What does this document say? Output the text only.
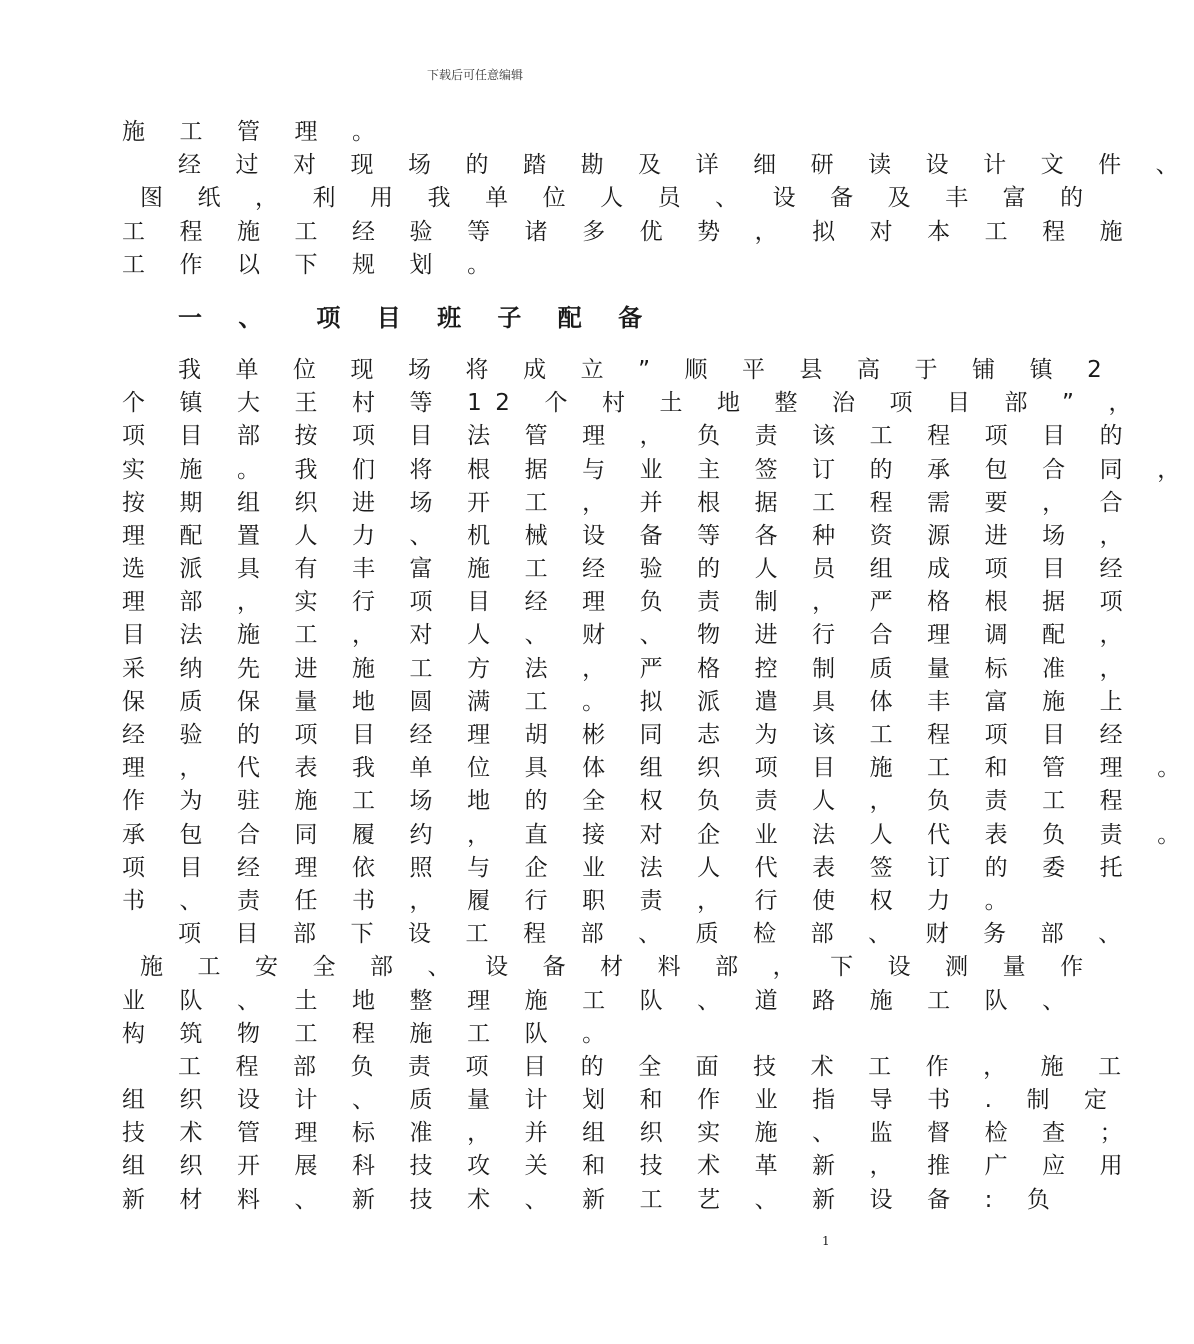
下载后可任意编辑
施 工 管 理 。
经 过 对 现 场 的 踏 勘 及 详 细 研 读 设 计 文 件 、
图 纸 ， 利 用 我 单 位 人 员 、 设 备 及 丰 富 的
工 程 施 工 经 验 等 诸 多 优 势 ， 拟 对 本 工 程 施
工 作 以 下 规 划 。
一 、 项 目 班 子 配 备
我 单 位 现 场 将 成 立 ” 顺 平 县 高 于 铺 镇 2
个 镇 大 王 村 等 12 个 村 土 地 整 治 项 目 部 ” ，
项 目 部 按 项 目 法 管 理 ， 负 责 该 工 程 项 目 的
实 施 。 我 们 将 根 据 与 业 主 签 订 的 承 包 合 同 ，
按 期 组 织 进 场 开 工 ， 并 根 据 工 程 需 要 ， 合
理 配 置 人 力 、 机 械 设 备 等 各 种 资 源 进 场 ，
选 派 具 有 丰 富 施 工 经 验 的 人 员 组 成 项 目 经
理 部 ， 实 行 项 目 经 理 负 责 制 ， 严 格 根 据 项
目 法 施 工 ， 对 人 、 财 、 物 进 行 合 理 调 配 ，
采 纳 先 进 施 工 方 法 ， 严 格 控 制 质 量 标 准 ，
保 质 保 量 地 圆 满 工 。 拟 派 遣 具 体 丰 富 施 上
经 验 的 项 目 经 理 胡 彬 同 志 为 该 工 程 项 目 经
理 ， 代 表 我 单 位 具 体 组 织 项 目 施 工 和 管 理 。
作 为 驻 施 工 场 地 的 全 权 负 责 人 ， 负 责 工 程
承 包 合 同 履 约 ， 直 接 对 企 业 法 人 代 表 负 责 。
项 目 经 理 依 照 与 企 业 法 人 代 表 签 订 的 委 托
书 、 责 任 书 ， 履 行 职 责 ， 行 使 权 力 。
项 目 部 下 设 工 程 部 、 质 检 部 、 财 务 部 、
施 工 安 全 部 、 设 备 材 料 部 ， 下 设 测 量 作
业 队 、 土 地 整 理 施 工 队 、 道 路 施 工 队 、
构 筑 物 工 程 施 工 队 。
工 程 部 负 责 项 目 的 全 面 技 术 工 作 ， 施 工
组 织 设 计 、 质 量 计 划 和 作 业 指 导 书 . 制 定
技 术 管 理 标 准 ， 并 组 织 实 施 、 监 督 检 查 ；
组 织 开 展 科 技 攻 关 和 技 术 革 新 ， 推 广 应 用
新 材 料 、 新 技 术 、 新 工 艺 、 新 设 备 : 负
1
